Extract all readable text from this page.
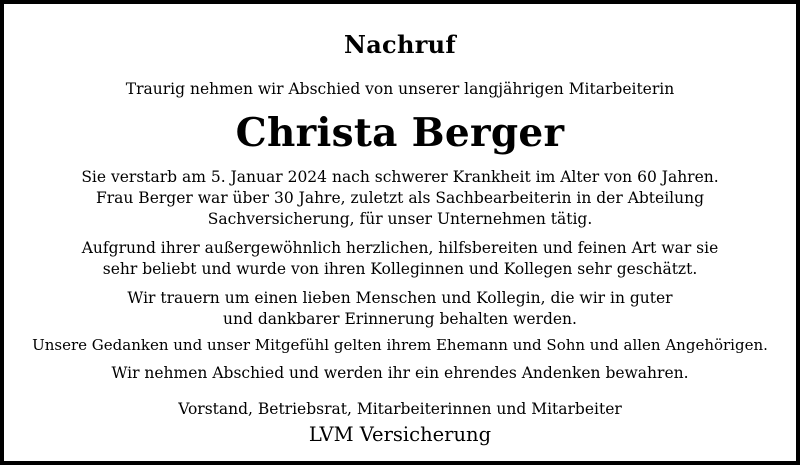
Nachruf

Traurig nehmen wir Abschied von unserer langjährigen Mitarbeiterin

Christa Berger

Sie verstarb am 5. Januar 2024 nach schwerer Krankheit im Alter von 60 Jahren.

Frau Berger war über 30 Jahre, zuletzt als Sachbearbeiterin in der Abteilung

Sachversicherung, für unser Unternehmen tätig.

Aufgrund ihrer außergewöhnlich herzlichen, hilfsbereiten und feinen Art war sie

sehr beliebt und wurde von ihren Kolleginnen und Kollegen sehr geschätzt.

Wir trauern um einen lieben Menschen und Kollegin, die wir in guter

und dankbarer Erinnerung behalten werden.

Unsere Gedanken und unser Mitgefühl gelten ihrem Ehemann und Sohn und allen Angehörigen.

Wir nehmen Abschied und werden ihr ein ehrendes Andenken bewahren.

Vorstand, Betriebsrat, Mitarbeiterinnen und Mitarbeiter

LVM Versicherung
